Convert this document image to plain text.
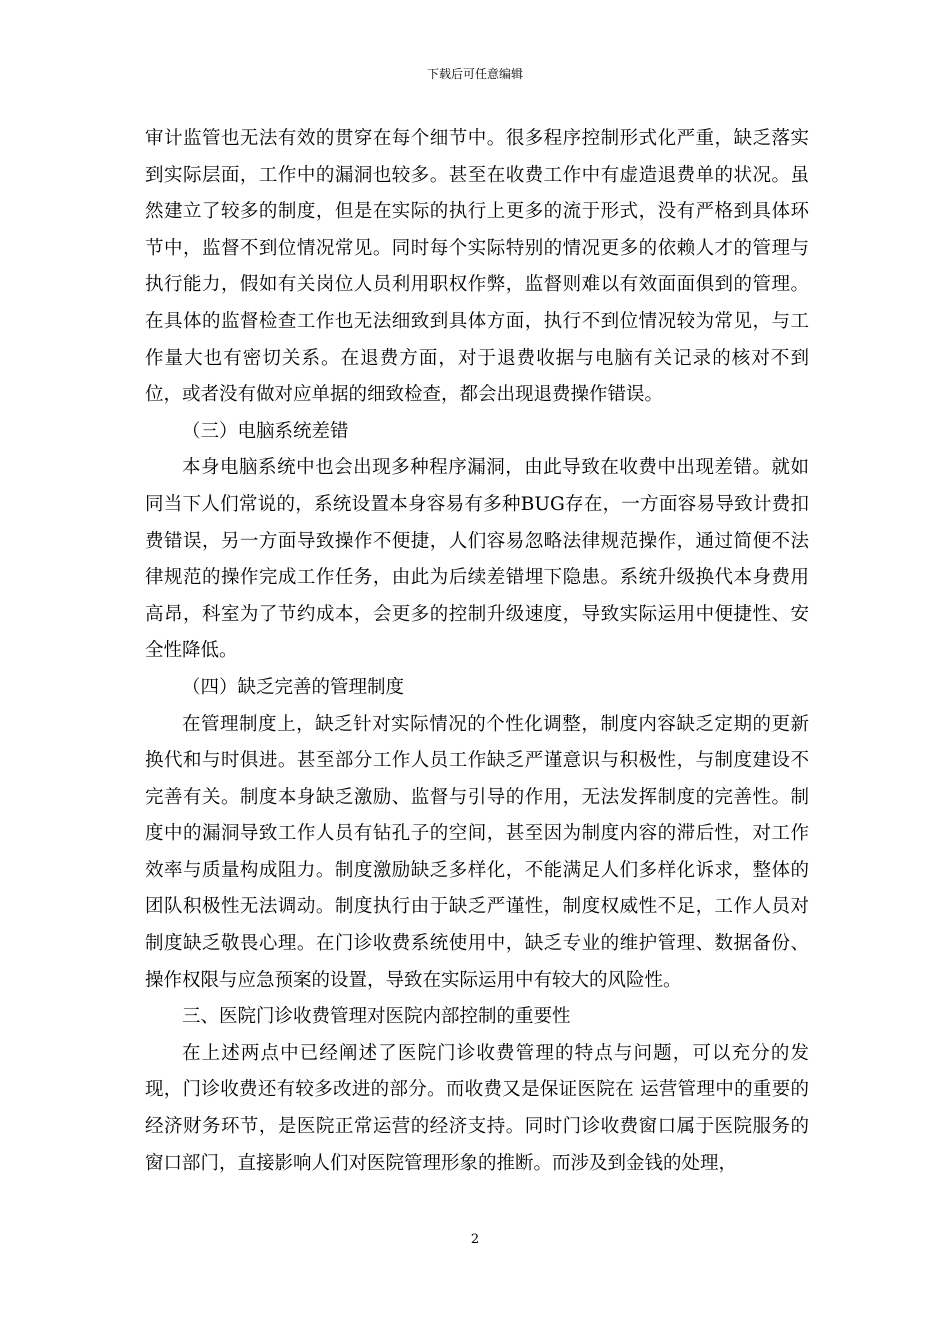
下载后可任意编辑

审计监管也无法有效的贯穿在每个细节中。很多程序控制形式化严重，缺乏落实到实际层面，工作中的漏洞也较多。甚至在收费工作中有虚造退费单的状况。虽然建立了较多的制度，但是在实际的执行上更多的流于形式，没有严格到具体环节中，监督不到位情况常见。同时每个实际特别的情况更多的依赖人才的管理与执行能力，假如有关岗位人员利用职权作弊，监督则难以有效面面俱到的管理。在具体的监督检查工作也无法细致到具体方面，执行不到位情况较为常见，与工作量大也有密切关系。在退费方面，对于退费收据与电脑有关记录的核对不到位，或者没有做对应单据的细致检查，都会出现退费操作错误。

（三）电脑系统差错

本身电脑系统中也会出现多种程序漏洞，由此导致在收费中出现差错。就如同当下人们常说的，系统设置本身容易有多种BUG存在，一方面容易导致计费扣费错误，另一方面导致操作不便捷，人们容易忽略法律规范操作，通过简便不法律规范的操作完成工作任务，由此为后续差错埋下隐患。系统升级换代本身费用高昂，科室为了节约成本，会更多的控制升级速度，导致实际运用中便捷性、安全性降低。

（四）缺乏完善的管理制度

在管理制度上，缺乏针对实际情况的个性化调整，制度内容缺乏定期的更新换代和与时俱进。甚至部分工作人员工作缺乏严谨意识与积极性，与制度建设不完善有关。制度本身缺乏激励、监督与引导的作用，无法发挥制度的完善性。制度中的漏洞导致工作人员有钻孔子的空间，甚至因为制度内容的滞后性，对工作效率与质量构成阻力。制度激励缺乏多样化，不能满足人们多样化诉求，整体的团队积极性无法调动。制度执行由于缺乏严谨性，制度权威性不足，工作人员对制度缺乏敬畏心理。在门诊收费系统使用中，缺乏专业的维护管理、数据备份、操作权限与应急预案的设置，导致在实际运用中有较大的风险性。

三、医院门诊收费管理对医院内部控制的重要性

在上述两点中已经阐述了医院门诊收费管理的特点与问题，可以充分的发现，门诊收费还有较多改进的部分。而收费又是保证医院在 运营管理中的重要的经济财务环节，是医院正常运营的经济支持。同时门诊收费窗口属于医院服务的窗口部门，直接影响人们对医院管理形象的推断。而涉及到金钱的处理，

2
